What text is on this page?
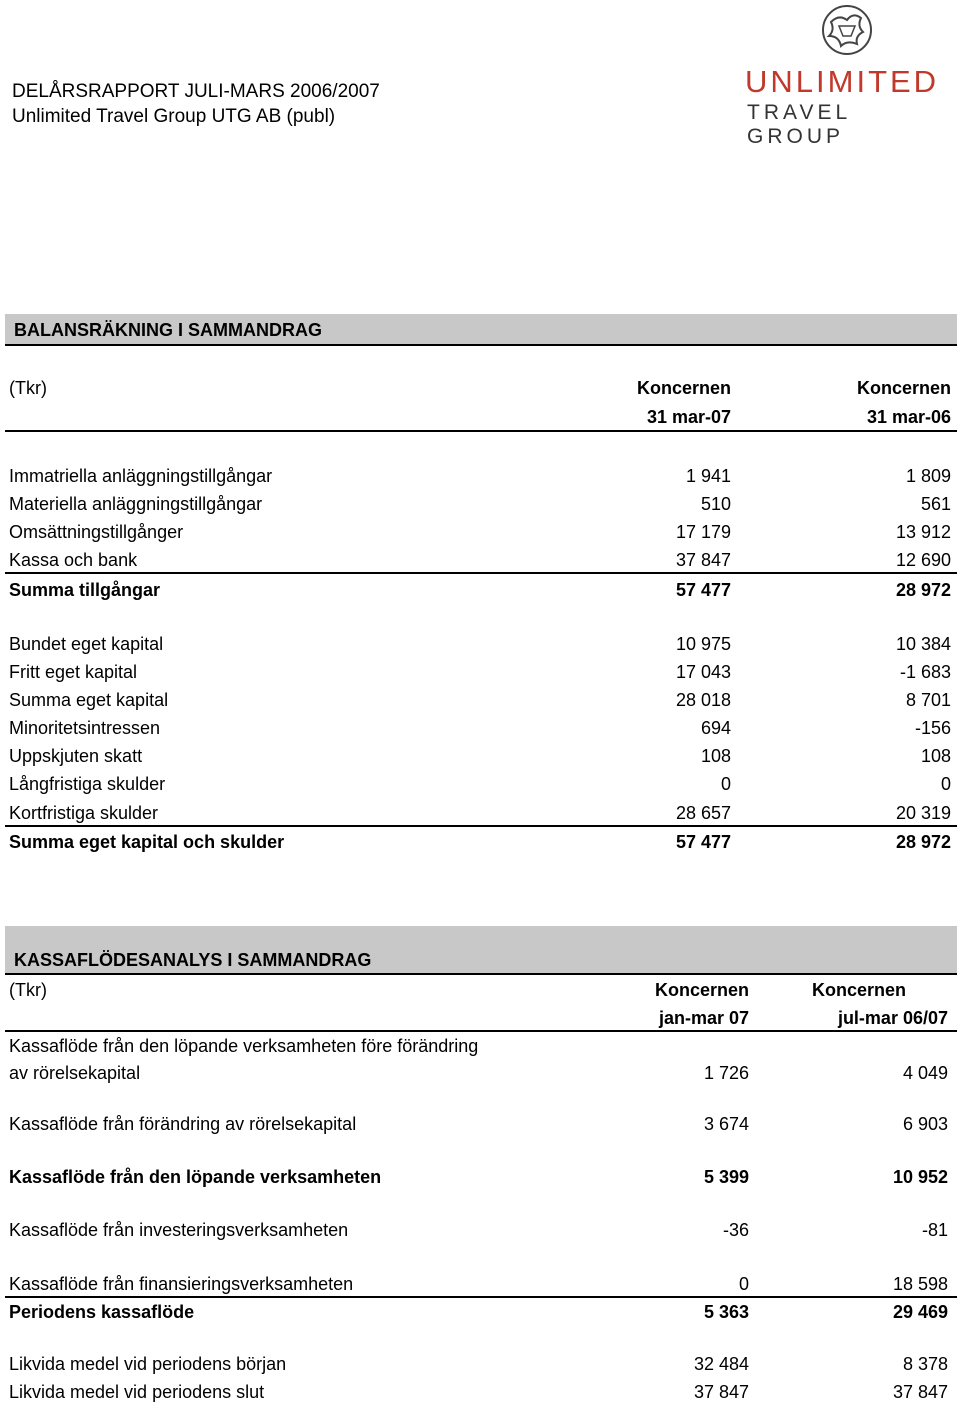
DELÅRSRAPPORT JULI-MARS 2006/2007
Unlimited Travel Group UTG AB (publ)
UNLIMITED
TRAVEL GROUP
BALANSRÄKNING I SAMMANDRAG
(Tkr)	Koncernen	Koncernen
31 mar-07	31 mar-06
Immatriella anläggningstillgångar	1 941	1 809
Materiella anläggningstillgångar	510	561
Omsättningstillgånger	17 179	13 912
Kassa och bank	37 847	12 690
Summa tillgångar	57 477	28 972
Bundet eget kapital	10 975	10 384
Fritt eget kapital	17 043	-1 683
Summa eget kapital	28 018	8 701
Minoritetsintressen	694	-156
Uppskjuten skatt	108	108
Långfristiga skulder	0	0
Kortfristiga skulder	28 657	20 319
Summa eget kapital och skulder	57 477	28 972
KASSAFLÖDESANALYS I SAMMANDRAG
(Tkr)	Koncernen	Koncernen
jan-mar 07	jul-mar 06/07
Kassaflöde från den löpande verksamheten före förändring
av rörelsekapital	1 726	4 049
Kassaflöde från förändring av rörelsekapital	3 674	6 903
Kassaflöde från den löpande verksamheten	5 399	10 952
Kassaflöde från investeringsverksamheten	-36	-81
Kassaflöde från finansieringsverksamheten	0	18 598
Periodens kassaflöde	5 363	29 469
Likvida medel vid periodens början	32 484	8 378
Likvida medel vid periodens slut	37 847	37 847
